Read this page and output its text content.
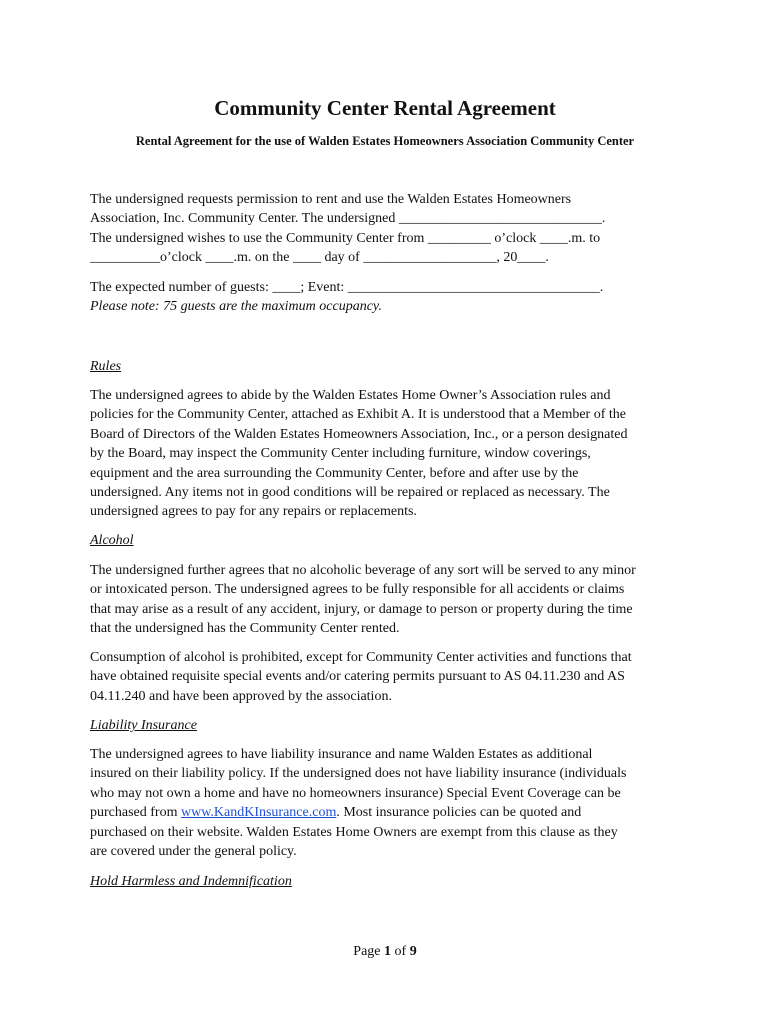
Community Center Rental Agreement
Rental Agreement for the use of Walden Estates Homeowners Association Community Center

The undersigned requests permission to rent and use the Walden Estates Homeowners

Association, Inc. Community Center. The undersigned _____________________________.

The undersigned wishes to use the Community Center from _________ o’clock ____.m. to

__________o’clock ____.m. on the ____ day of ___________________, 20____.

The expected number of guests: ____; Event: ____________________________________.

Please note: 75 guests are the maximum occupancy.

Rules

The undersigned agrees to abide by the Walden Estates Home Owner’s Association rules and

policies for the Community Center, attached as Exhibit A. It is understood that a Member of the

Board of Directors of the Walden Estates Homeowners Association, Inc., or a person designated

by the Board, may inspect the Community Center including furniture, window coverings,

equipment and the area surrounding the Community Center, before and after use by the

undersigned. Any items not in good conditions will be repaired or replaced as necessary. The

undersigned agrees to pay for any repairs or replacements.

Alcohol

The undersigned further agrees that no alcoholic beverage of any sort will be served to any minor

or intoxicated person. The undersigned agrees to be fully responsible for all accidents or claims

that may arise as a result of any accident, injury, or damage to person or property during the time

that the undersigned has the Community Center rented.

Consumption of alcohol is prohibited, except for Community Center activities and functions that

have obtained requisite special events and/or catering permits pursuant to AS 04.11.230 and AS

04.11.240 and have been approved by the association.

Liability Insurance

The undersigned agrees to have liability insurance and name Walden Estates as additional

insured on their liability policy. If the undersigned does not have liability insurance (individuals

who may not own a home and have no homeowners insurance) Special Event Coverage can be

purchased from www.KandKInsurance.com. Most insurance policies can be quoted and

purchased on their website. Walden Estates Home Owners are exempt from this clause as they

are covered under the general policy.

Hold Harmless and Indemnification
Page 1 of 9
